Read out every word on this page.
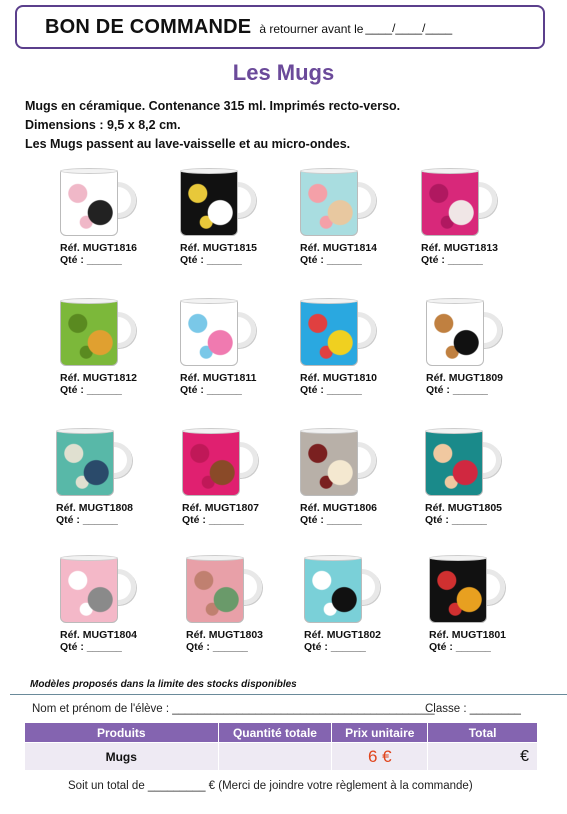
BON DE COMMANDE à retourner avant le ____/____/____
Les Mugs
Mugs en céramique. Contenance 315 ml. Imprimés recto-verso.
Dimensions : 9,5 x 8,2 cm.
Les Mugs passent au lave-vaisselle et au micro-ondes.
Réf. MUGT1816
Qté : ______
Réf. MUGT1815
Qté : ______
Réf. MUGT1814
Qté : ______
Réf. MUGT1813
Qté : ______
Réf. MUGT1812
Qté : ______
Réf. MUGT1811
Qté : ______
Réf. MUGT1810
Qté : ______
Réf. MUGT1809
Qté : ______
Réf. MUGT1808
Qté : ______
Réf. MUGT1807
Qté : ______
Réf. MUGT1806
Qté : ______
Réf. MUGT1805
Qté : ______
Réf. MUGT1804
Qté : ______
Réf. MUGT1803
Qté : ______
Réf. MUGT1802
Qté : ______
Réf. MUGT1801
Qté : ______
Modèles proposés dans la limite des stocks disponibles
Nom et prénom de l'élève : _________________________________________
Classe : ________
Produits	Quantité totale	Prix unitaire	Total
Mugs		6 €	€
Soit un total de _________ € (Merci de joindre votre règlement à la commande)
